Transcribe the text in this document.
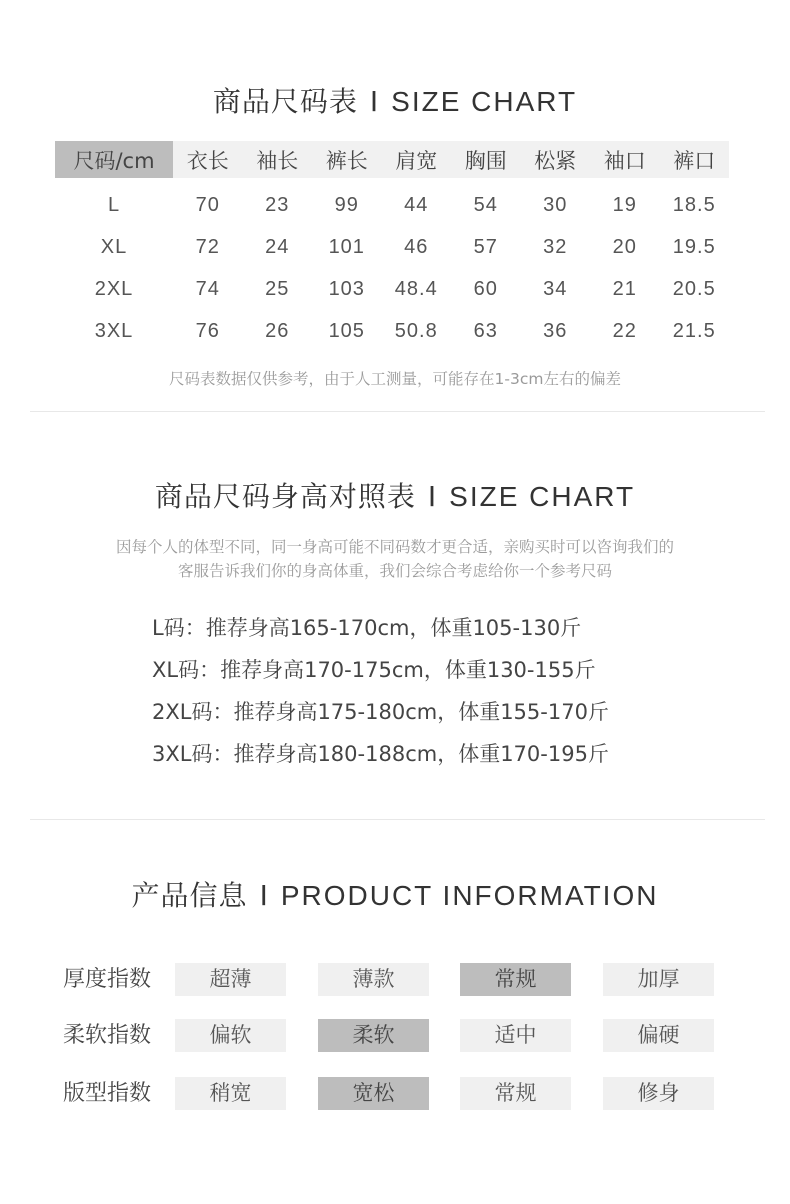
商品尺码表 I SIZE CHART
尺码/cm	衣长	袖长	裤长	肩宽	胸围	松紧	袖口	裤口
L	70	23	99	44	54	30	19	18.5
XL	72	24	101	46	57	32	20	19.5
2XL	74	25	103	48.4	60	34	21	20.5
3XL	76	26	105	50.8	63	36	22	21.5
尺码表数据仅供参考，由于人工测量，可能存在1-3cm左右的偏差
商品尺码身高对照表 I SIZE CHART
因每个人的体型不同，同一身高可能不同码数才更合适，亲购买时可以咨询我们的
客服告诉我们你的身高体重，我们会综合考虑给你一个参考尺码
L码：推荐身高165-170cm，体重105-130斤
XL码：推荐身高170-175cm，体重130-155斤
2XL码：推荐身高175-180cm，体重155-170斤
3XL码：推荐身高180-188cm，体重170-195斤
产品信息 I PRODUCT INFORMATION
厚度指数	超薄	薄款	常规	加厚
柔软指数	偏软	柔软	适中	偏硬
版型指数	稍宽	宽松	常规	修身
